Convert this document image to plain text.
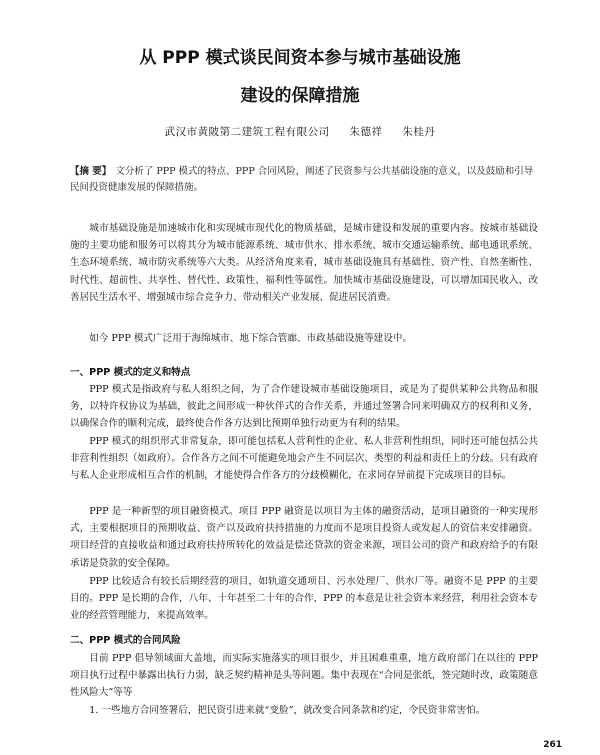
从 PPP 模式谈民间资本参与城市基础设施
建设的保障措施
武汉市黄陂第二建筑工程有限公司 朱德祥 朱桂丹

【摘 要】 文分析了 PPP 模式的特点、PPP 合同风险，阐述了民资参与公共基础设施的意义，以及鼓励和引导民间投资健康发展的保障措施。

城市基础设施是加速城市化和实现城市现代化的物质基础，是城市建设和发展的重要内容。按城市基础设施的主要功能和服务可以将其分为城市能源系统、城市供水、排水系统、城市交通运输系统、邮电通讯系统、生态环境系统、城市防灾系统等六大类。从经济角度来看，城市基础设施具有基础性、资产性、自然垄断性、时代性、超前性、共享性、替代性、政策性、福利性等属性。加快城市基础设施建设，可以增加国民收入，改善居民生活水平、增强城市综合竞争力、带动相关产业发展、促进居民消费。

如今 PPP 模式广泛用于海绵城市、地下综合管廊、市政基础设施等建设中。

一、PPP 模式的定义和特点

PPP 模式是指政府与私人组织之间，为了合作建设城市基础设施项目，或是为了提供某种公共物品和服务，以特许权协议为基础，彼此之间形成一种伙伴式的合作关系，并通过签署合同来明确双方的权利和义务，以确保合作的顺利完成，最终使合作各方达到比预期单独行动更为有利的结果。

PPP 模式的组织形式非常复杂，即可能包括私人营利性的企业、私人非营利性组织，同时还可能包括公共非营利性组织（如政府）。合作各方之间不可能避免地会产生不同层次、类型的利益和责任上的分歧。只有政府与私人企业形成相互合作的机制，才能使得合作各方的分歧模糊化，在求同存异前提下完成项目的目标。

PPP 是一种新型的项目融资模式。项目 PPP 融资是以项目为主体的融资活动，是项目融资的一种实现形式，主要根据项目的预期收益、资产以及政府扶持措施的力度而不是项目投资人或发起人的资信来安排融资。项目经营的直接收益和通过政府扶持所转化的效益是偿还贷款的资金来源，项目公司的资产和政府给予的有限承诺是贷款的安全保障。

PPP 比较适合有较长后期经营的项目，如轨道交通项目、污水处理厂、供水厂等。融资不是 PPP 的主要目的。PPP 是长期的合作，八年、十年甚至二十年的合作，PPP 的本意是让社会资本来经营，利用社会资本专业的经营管理能力，来提高效率。

二、PPP 模式的合同风险

目前 PPP 倡导领域面大盖地，而实际实施落实的项目很少，并且困难重重，地方政府部门在以往的 PPP 项目执行过程中暴露出执行力弱，缺乏契约精神是头等问题。集中表现在“合同是张纸，签完随时改，政策随意性风险大”等等

1. 一些地方合同签署后，把民资引进来就“变脸”，就改变合同条款和约定，令民资非常害怕。

261
